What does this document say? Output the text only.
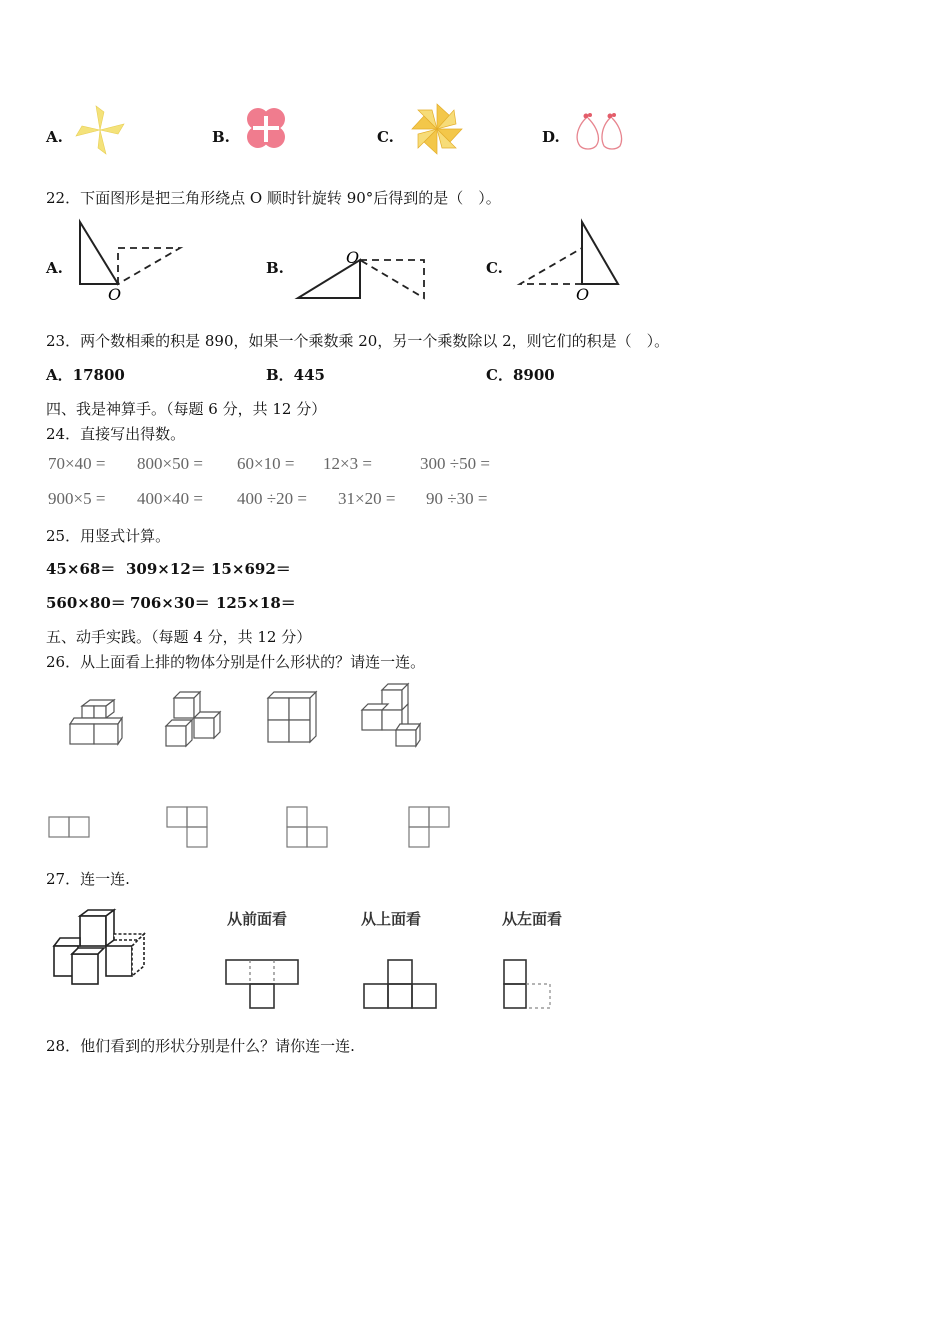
A.	B.	C.	D.
22．下面图形是把三角形绕点 O 顺时针旋转 90°后得到的是（　）。
A.
O
B.
O
C.
O
23．两个数相乘的积是 890，如果一个乘数乘 20，另一个乘数除以 2，则它们的积是（　）。
A．17800	B．445	C．8900
四、我是神算手。（每题 6 分，共 12 分）
24．直接写出得数。
70×40 = 800×50 = 60×10 = 12×3 =	300 ÷50 =
900×5 = 400×40 = 400 ÷20 = 31×20 = 90 ÷30 =
25．用竖式计算。
45×68＝ 309×12＝ 15×692＝
560×80＝ 706×30＝ 125×18＝
五、动手实践。（每题 4 分，共 12 分）
26．从上面看上排的物体分别是什么形状的？请连一连。
27．连一连.
从前面看	从上面看	从左面看
28．他们看到的形状分别是什么？请你连一连.
